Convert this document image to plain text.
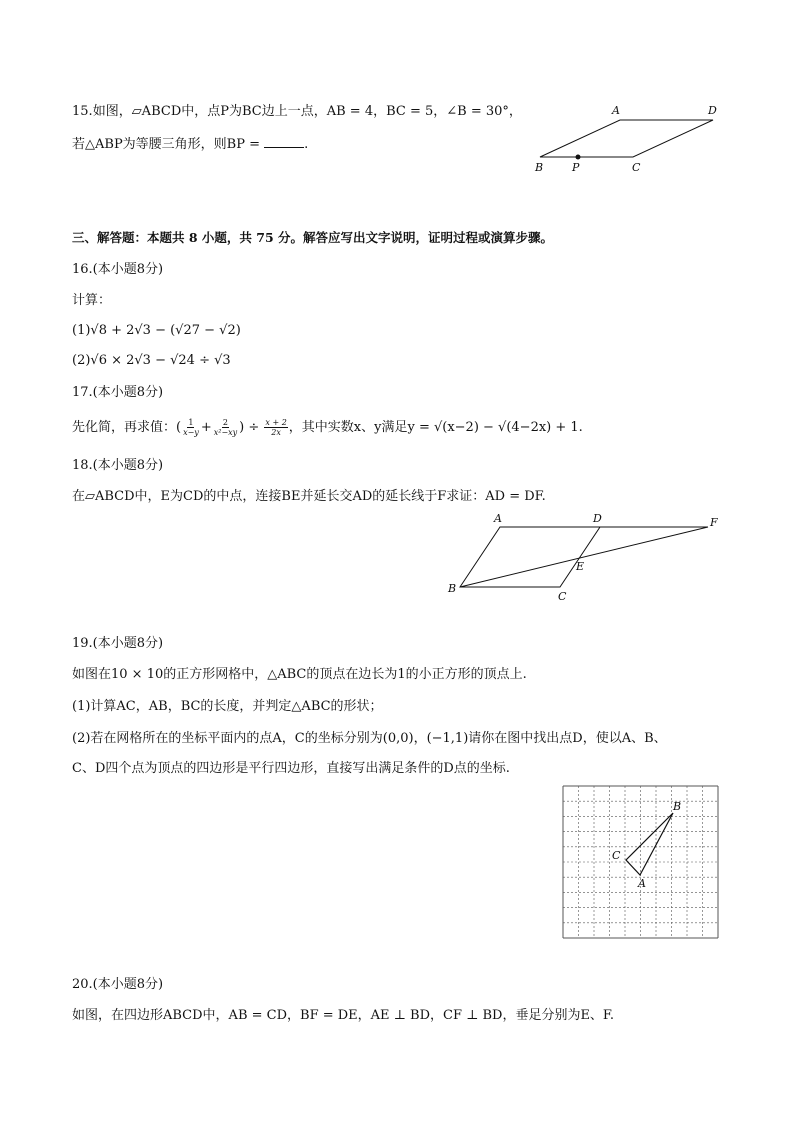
15.如图，▱ABCD中，点P为BC边上一点，AB = 4，BC = 5，∠B = 30°，
若△ABP为等腰三角形，则BP =	.
A	D
B	P	C
三、解答题：本题共 8 小题，共 75 分。解答应写出文字说明，证明过程或演算步骤。
16.(本小题8分)
计算：
(1)√8 + 2√3 − (√27 − √2)
(2)√6 × 2√3 − √24 ÷ √3
17.(本小题8分)
先化简，再求值：( $\frac{1}{x-y} + \frac{2}{\text{x²−xy}}$ ) ÷ $\frac{x + 2}{2x}$ ，其中实数x、y满足y = √(x−2) − √(4−2x) + 1.
18.(本小题8分)
在▱ABCD中，E为CD的中点，连接BE并延长交AD的延长线于F求证：AD = DF.
A	D	F
E
B
C
19.(本小题8分)
如图在10 × 10的正方形网格中，△ABC的顶点在边长为1的小正方形的顶点上.
(1)计算AC，AB，BC的长度，并判定△ABC的形状；
(2)若在网格所在的坐标平面内的点A，C的坐标分别为(0,0)，(−1,1)请你在图中找出点D，使以A、B、
C、D四个点为顶点的四边形是平行四边形，直接写出满足条件的D点的坐标.
B
C
A
20.(本小题8分)
如图，在四边形ABCD中，AB = CD，BF = DE，AE ⊥ BD，CF ⊥ BD，垂足分别为E、F.
